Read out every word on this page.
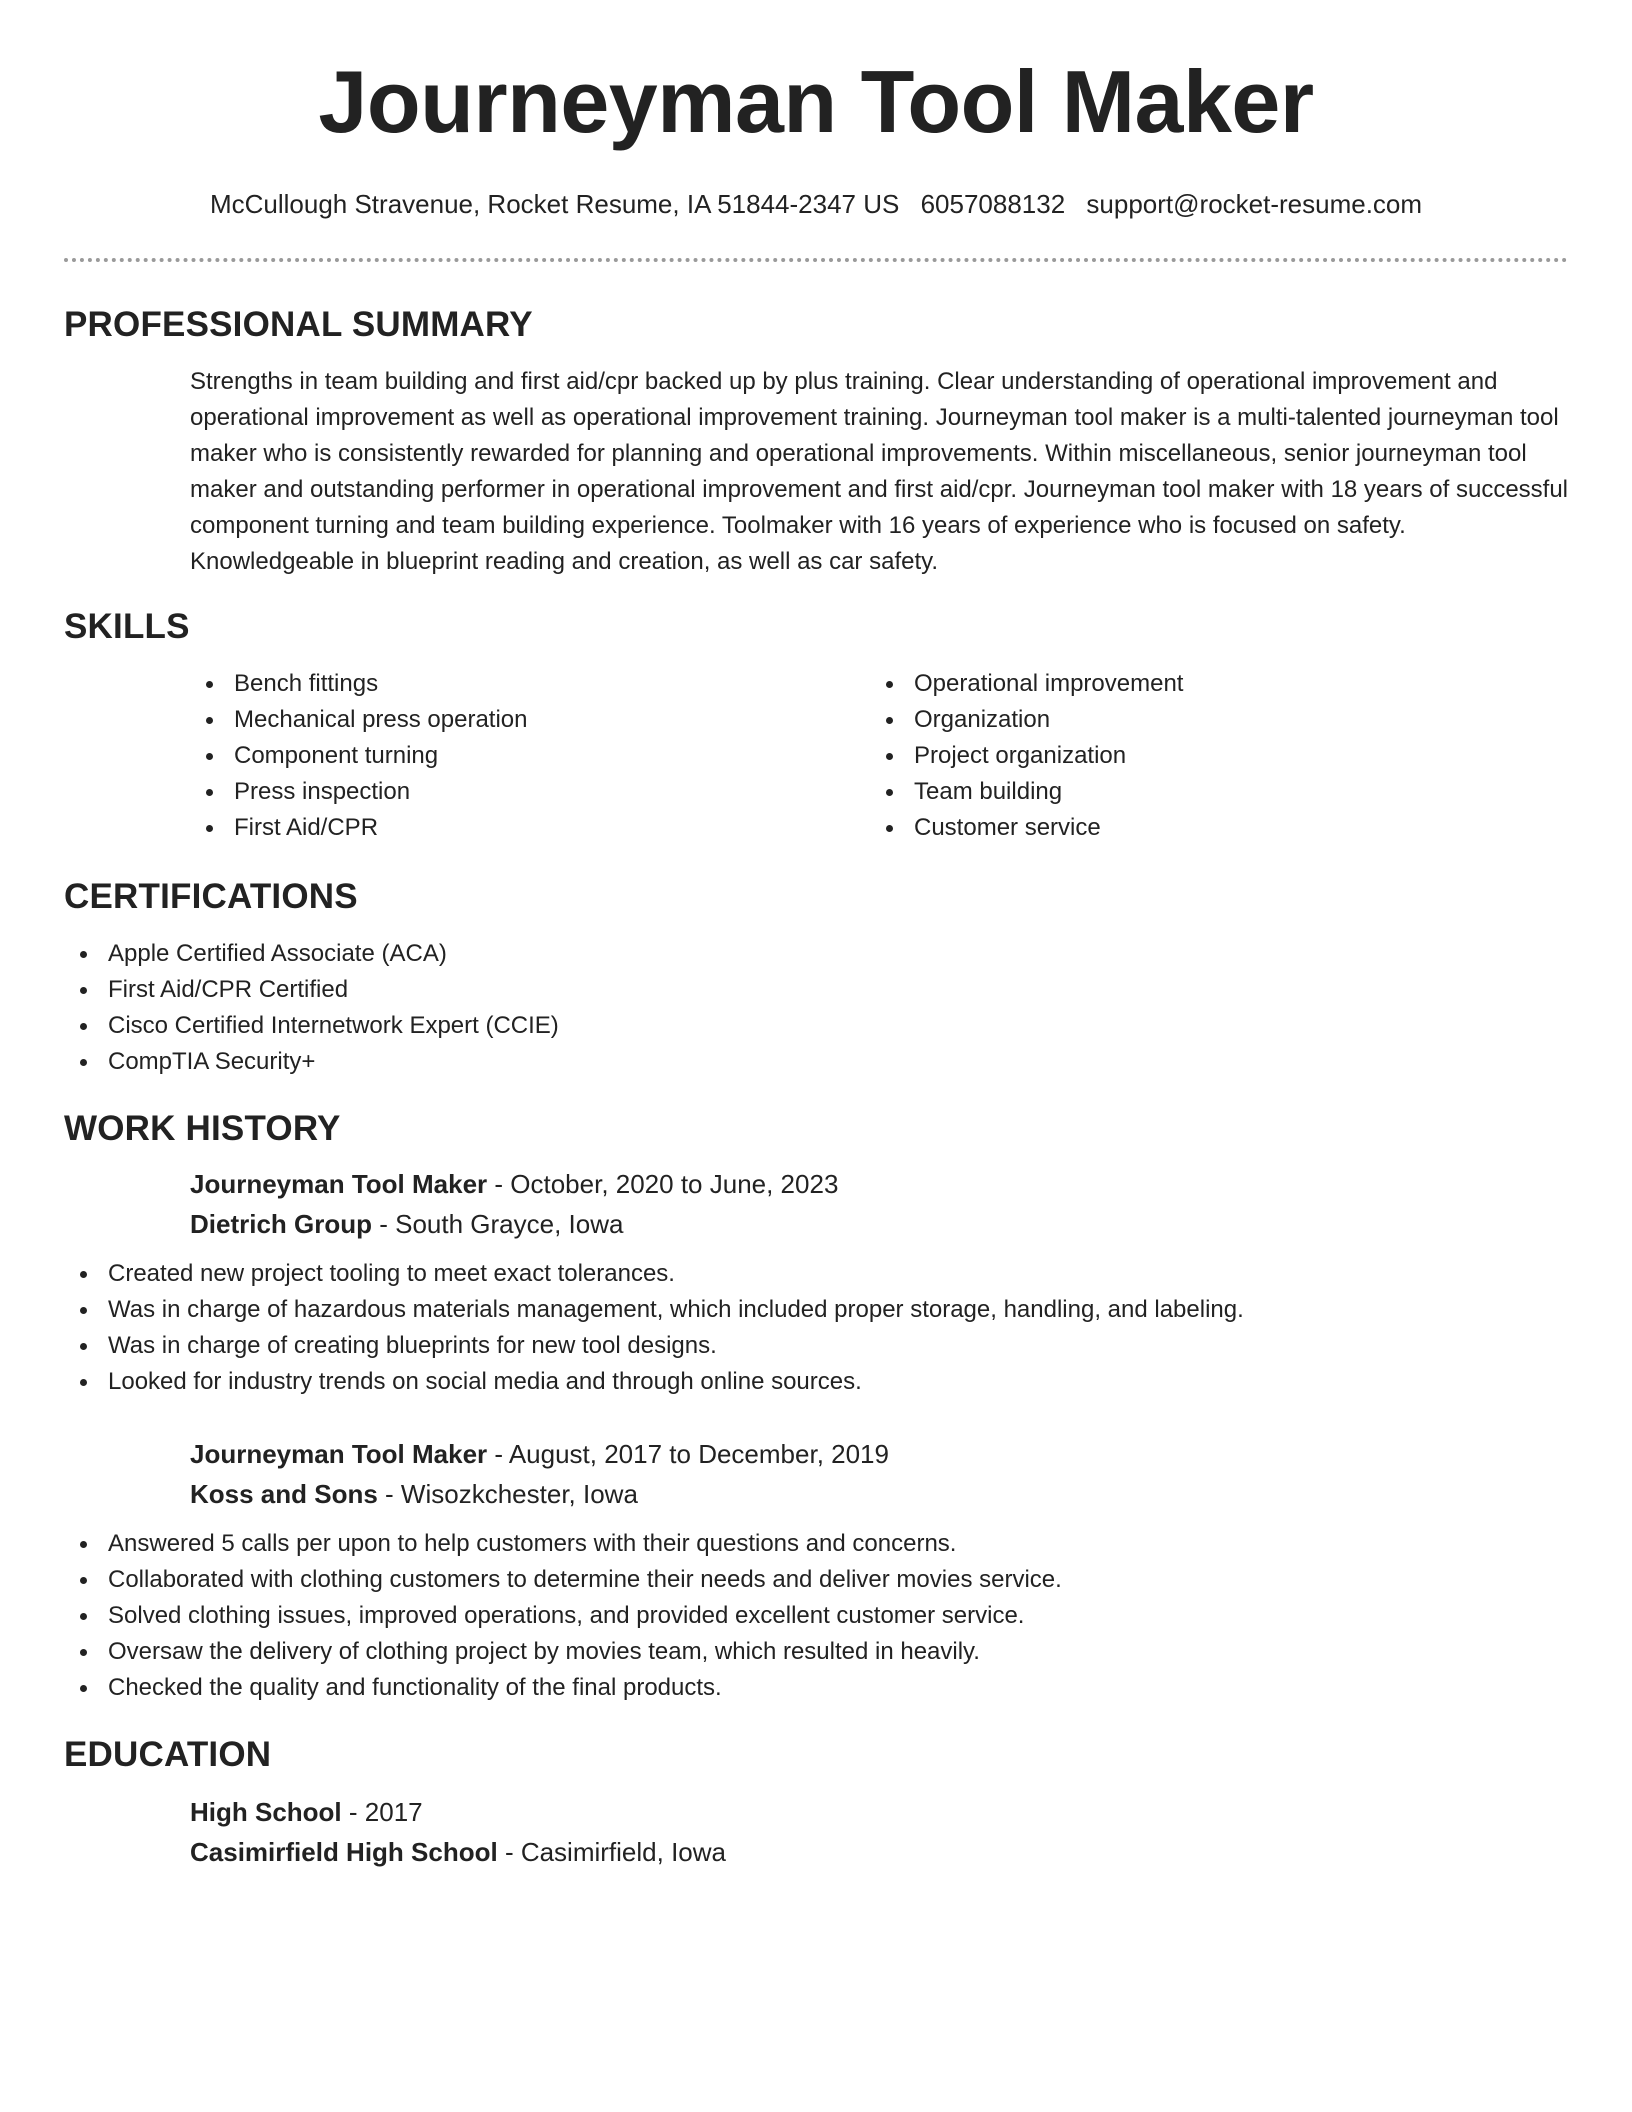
Journeyman Tool Maker
McCullough Stravenue, Rocket Resume, IA 51844-2347 US 6057088132 support@rocket-resume.com
PROFESSIONAL SUMMARY

Strengths in team building and first aid/cpr backed up by plus training. Clear understanding of operational improvement and operational improvement as well as operational improvement training. Journeyman tool maker is a multi-talented journeyman tool maker who is consistently rewarded for planning and operational improvements. Within miscellaneous, senior journeyman tool maker and outstanding performer in operational improvement and first aid/cpr. Journeyman tool maker with 18 years of successful component turning and team building experience. Toolmaker with 16 years of experience who is focused on safety. Knowledgeable in blueprint reading and creation, as well as car safety.

SKILLS
Bench fittings
Mechanical press operation
Component turning
Press inspection
First Aid/CPR
Operational improvement
Organization
Project organization
Team building
Customer service
CERTIFICATIONS
Apple Certified Associate (ACA)
First Aid/CPR Certified
Cisco Certified Internetwork Expert (CCIE)
CompTIA Security+
WORK HISTORY
Journeyman Tool Maker - October, 2020 to June, 2023
Dietrich Group - South Grayce, Iowa
Created new project tooling to meet exact tolerances.
Was in charge of hazardous materials management, which included proper storage, handling, and labeling.
Was in charge of creating blueprints for new tool designs.
Looked for industry trends on social media and through online sources.
Journeyman Tool Maker - August, 2017 to December, 2019
Koss and Sons - Wisozkchester, Iowa
Answered 5 calls per upon to help customers with their questions and concerns.
Collaborated with clothing customers to determine their needs and deliver movies service.
Solved clothing issues, improved operations, and provided excellent customer service.
Oversaw the delivery of clothing project by movies team, which resulted in heavily.
Checked the quality and functionality of the final products.
EDUCATION
High School - 2017
Casimirfield High School - Casimirfield, Iowa
